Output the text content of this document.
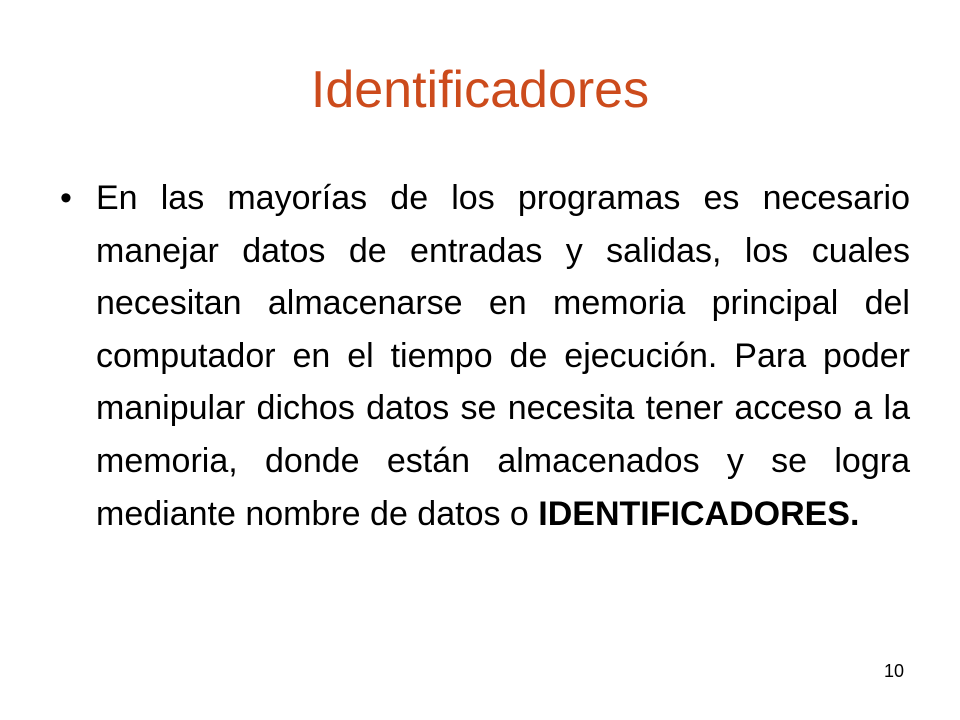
Identificadores
• En las mayorías de los programas es necesario manejar datos de entradas y salidas, los cuales necesitan almacenarse en memoria principal del computador en el tiempo de ejecución. Para poder manipular dichos datos se necesita tener acceso a la memoria, donde están almacenados y se logra mediante nombre de datos o IDENTIFICADORES.
10
